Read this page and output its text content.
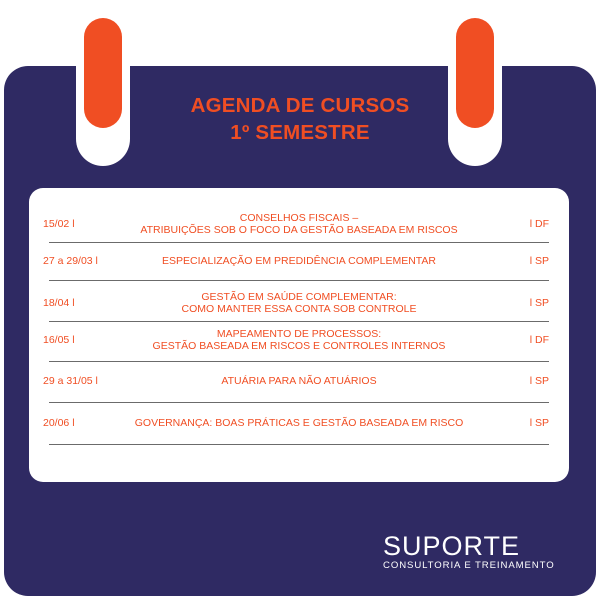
AGENDA DE CURSOS
1º SEMESTRE
15/02 l	CONSELHOS FISCAIS –
ATRIBUIÇÕES SOB O FOCO DA GESTÃO BASEADA EM RISCOS	l DF
27 a 29/03 l	ESPECIALIZAÇÃO EM PREDIDÊNCIA COMPLEMENTAR	l SP
18/04 l	GESTÃO EM SAÚDE COMPLEMENTAR:
COMO MANTER ESSA CONTA SOB CONTROLE	l SP
16/05 l	MAPEAMENTO DE PROCESSOS:
GESTÃO BASEADA EM RISCOS E CONTROLES INTERNOS	l DF
29 a 31/05 l	ATUÁRIA PARA NÃO ATUÁRIOS	l SP
20/06 l	GOVERNANÇA: BOAS PRÁTICAS E GESTÃO BASEADA EM RISCO	l SP
SUPORTE
CONSULTORIA E TREINAMENTO
